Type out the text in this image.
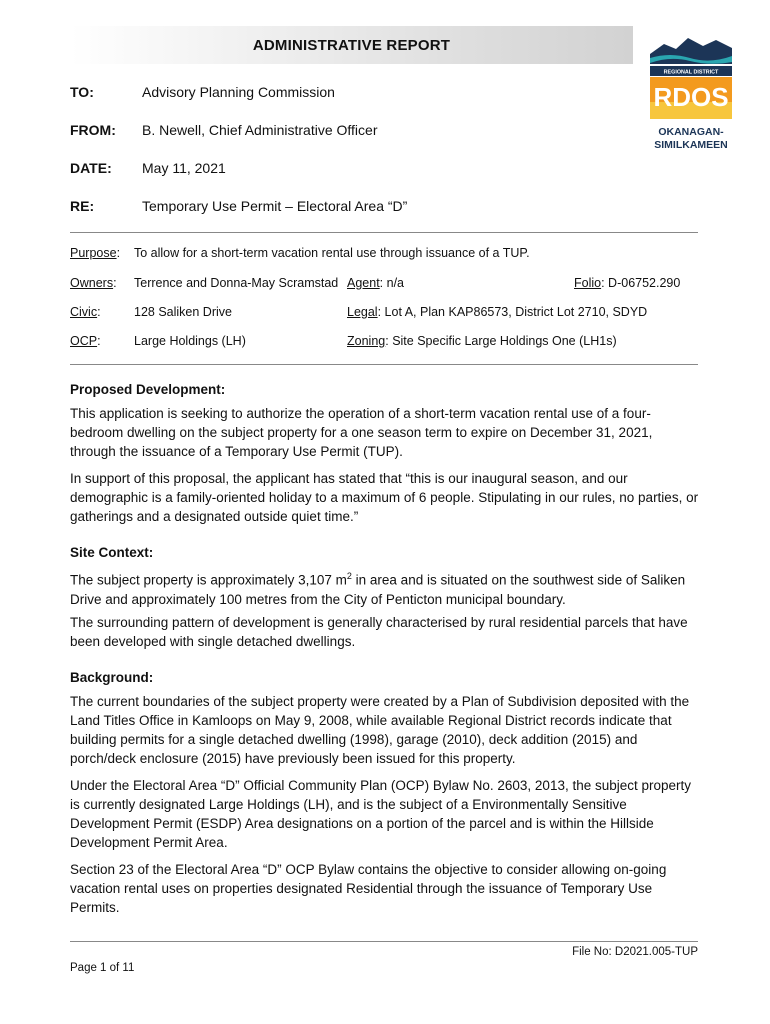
ADMINISTRATIVE REPORT
REGIONAL DISTRICT
RDOS
OKANAGAN-
SIMILKAMEEN
TO:	Advisory Planning Commission
FROM: B. Newell, Chief Administrative Officer
DATE: May 11, 2021
RE:	Temporary Use Permit – Electoral Area “D”
Purpose: To allow for a short-term vacation rental use through issuance of a TUP.
Owners: Terrence and Donna-May Scramstad Agent: n/a	Folio: D-06752.290
Civic:	128 Saliken Drive	Legal: Lot A, Plan KAP86573, District Lot 2710, SDYD
OCP:	Large Holdings (LH)	Zoning: Site Specific Large Holdings One (LH1s)
Proposed Development:

This application is seeking to authorize the operation of a short-term vacation rental use of a four-bedroom dwelling on the subject property for a one season term to expire on December 31, 2021, through the issuance of a Temporary Use Permit (TUP).

In support of this proposal, the applicant has stated that “this is our inaugural season, and our demographic is a family-oriented holiday to a maximum of 6 people. Stipulating in our rules, no parties, or gatherings and a designated outside quiet time.”

Site Context:

The subject property is approximately 3,107 $m^2$ in area and is situated on the southwest side of Saliken Drive and approximately 100 metres from the City of Penticton municipal boundary.

The surrounding pattern of development is generally characterised by rural residential parcels that have been developed with single detached dwellings.

Background:

The current boundaries of the subject property were created by a Plan of Subdivision deposited with the Land Titles Office in Kamloops on May 9, 2008, while available Regional District records indicate that building permits for a single detached dwelling (1998), garage (2010), deck addition (2015) and porch/deck enclosure (2015) have previously been issued for this property.

Under the Electoral Area “D” Official Community Plan (OCP) Bylaw No. 2603, 2013, the subject property is currently designated Large Holdings (LH), and is the subject of a Environmentally Sensitive Development Permit (ESDP) Area designations on a portion of the parcel and is within the Hillside Development Permit Area.

Section 23 of the Electoral Area “D” OCP Bylaw contains the objective to consider allowing on-going vacation rental uses on properties designated Residential through the issuance of Temporary Use Permits.

File No: D2021.005-TUP
Page 1 of 11
